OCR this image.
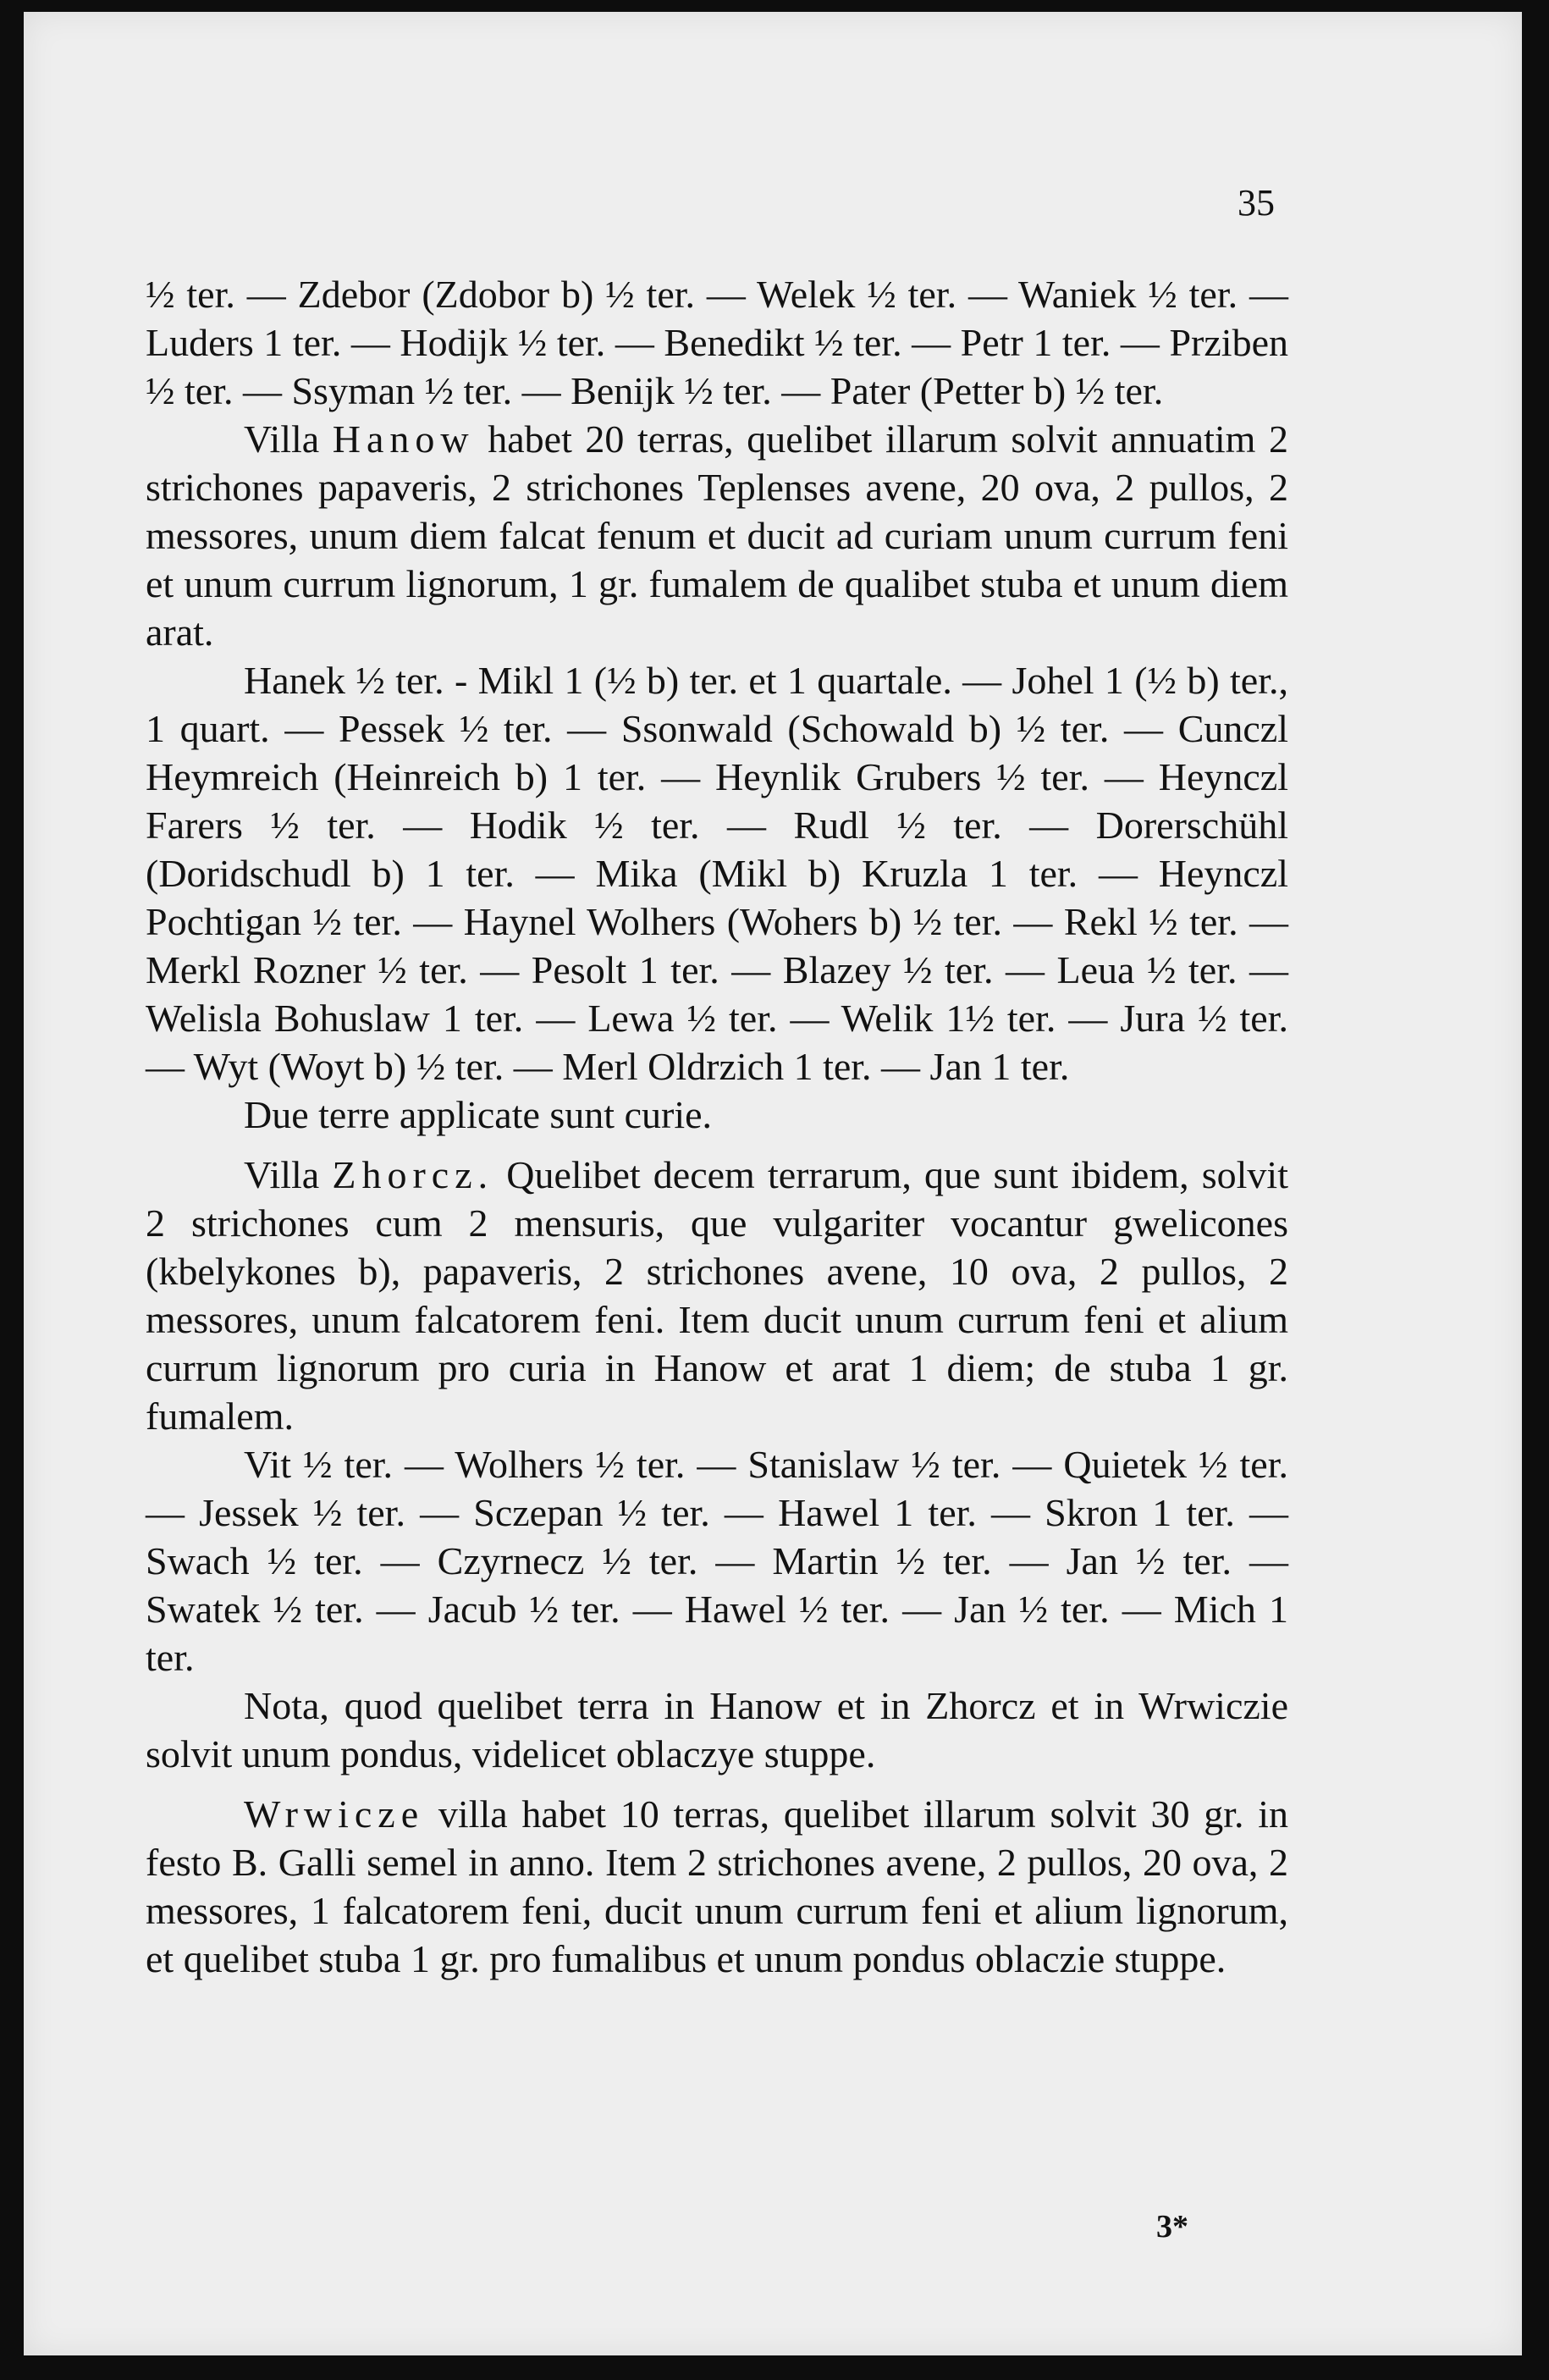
35

½ ter. — Zdebor (Zdobor b) ½ ter. — Welek ½ ter. — Waniek ½ ter. — Luders 1 ter. — Hodijk ½ ter. — Benedikt ½ ter. — Petr 1 ter. — Prziben ½ ter. — Ssyman ½ ter. — Benijk ½ ter. — Pater (Petter b) ½ ter.

Villa Hanow habet 20 terras, quelibet illarum solvit annuatim 2 strichones papaveris, 2 strichones Teplenses avene, 20 ova, 2 pullos, 2 messores, unum diem falcat fenum et ducit ad curiam unum currum feni et unum currum lignorum, 1 gr. fumalem de qualibet stuba et unum diem arat.

Hanek ½ ter. - Mikl 1 (½ b) ter. et 1 quartale. — Johel 1 (½ b) ter., 1 quart. — Pessek ½ ter. — Ssonwald (Schowald b) ½ ter. — Cunczl Heymreich (Heinreich b) 1 ter. — Heynlik Grubers ½ ter. — Heynczl Farers ½ ter. — Hodik ½ ter. — Rudl ½ ter. — Dorerschühl (Doridschudl b) 1 ter. — Mika (Mikl b) Kruzla 1 ter. — Heynczl Pochtigan ½ ter. — Haynel Wolhers (Wohers b) ½ ter. — Rekl ½ ter. — Merkl Rozner ½ ter. — Pesolt 1 ter. — Blazey ½ ter. — Leua ½ ter. — Welisla Bohuslaw 1 ter. — Lewa ½ ter. — Welik 1½ ter. — Jura ½ ter. — Wyt (Woyt b) ½ ter. — Merl Oldrzich 1 ter. — Jan 1 ter.

Due terre applicate sunt curie.

Villa Zhorcz. Quelibet decem terrarum, que sunt ibidem, solvit 2 strichones cum 2 mensuris, que vulgariter vocantur gwelicones (kbelykones b), papaveris, 2 strichones avene, 10 ova, 2 pullos, 2 messores, unum falcatorem feni. Item ducit unum currum feni et alium currum lignorum pro curia in Hanow et arat 1 diem; de stuba 1 gr. fumalem.

Vit ½ ter. — Wolhers ½ ter. — Stanislaw ½ ter. — Quietek ½ ter. — Jessek ½ ter. — Sczepan ½ ter. — Hawel 1 ter. — Skron 1 ter. — Swach ½ ter. — Czyrnecz ½ ter. — Martin ½ ter. — Jan ½ ter. — Swatek ½ ter. — Jacub ½ ter. — Hawel ½ ter. — Jan ½ ter. — Mich 1 ter.

Nota, quod quelibet terra in Hanow et in Zhorcz et in Wrwiczie solvit unum pondus, videlicet oblaczye stuppe.

Wrwicze villa habet 10 terras, quelibet illarum solvit 30 gr. in festo B. Galli semel in anno. Item 2 strichones avene, 2 pullos, 20 ova, 2 messores, 1 falcatorem feni, ducit unum currum feni et alium lignorum, et quelibet stuba 1 gr. pro fumalibus et unum pondus oblaczie stuppe.

3*
